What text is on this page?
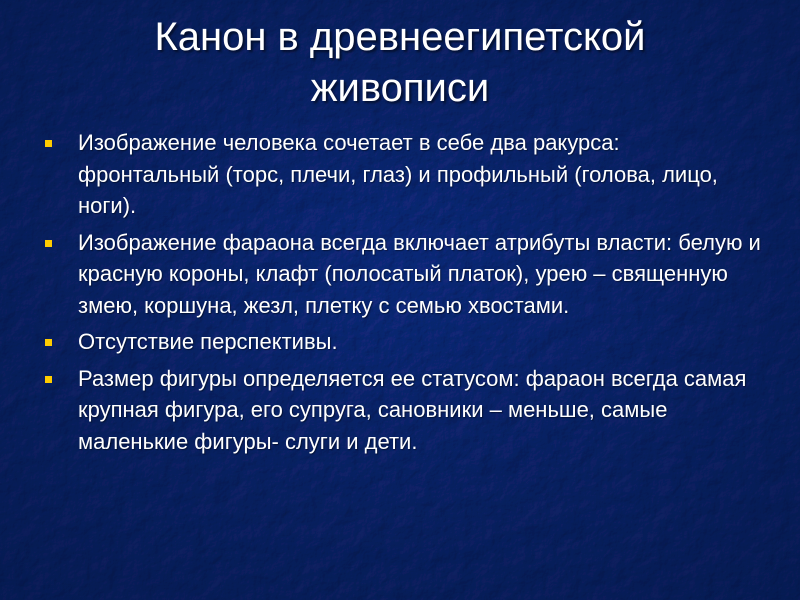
Канон в древнеегипетской
живописи
Изображение человека сочетает в себе два ракурса: фронтальный (торс, плечи, глаз) и профильный (голова, лицо, ноги).
Изображение фараона всегда включает атрибуты власти: белую и красную короны, клафт (полосатый платок), урею – священную змею, коршуна, жезл, плетку с семью хвостами.
Отсутствие перспективы.
Размер фигуры определяется ее статусом: фараон всегда самая крупная фигура, его супруга, сановники – меньше, самые маленькие фигуры- слуги и дети.
